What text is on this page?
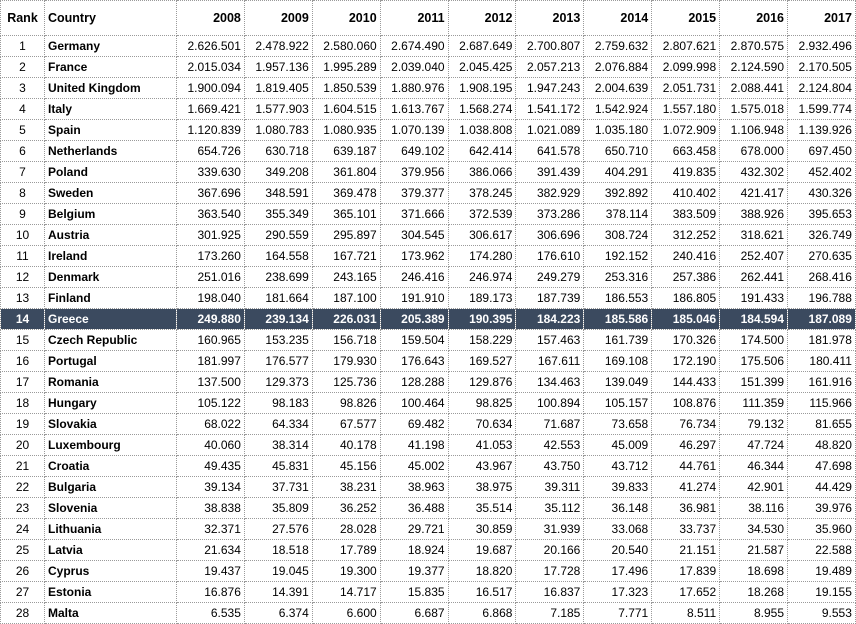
Rank	Country	2008	2009	2010	2011	2012	2013	2014	2015	2016	2017
1	Germany	2.626.501	2.478.922	2.580.060	2.674.490	2.687.649	2.700.807	2.759.632	2.807.621	2.870.575	2.932.496
2	France	2.015.034	1.957.136	1.995.289	2.039.040	2.045.425	2.057.213	2.076.884	2.099.998	2.124.590	2.170.505
3	United Kingdom	1.900.094	1.819.405	1.850.539	1.880.976	1.908.195	1.947.243	2.004.639	2.051.731	2.088.441	2.124.804
4	Italy	1.669.421	1.577.903	1.604.515	1.613.767	1.568.274	1.541.172	1.542.924	1.557.180	1.575.018	1.599.774
5	Spain	1.120.839	1.080.783	1.080.935	1.070.139	1.038.808	1.021.089	1.035.180	1.072.909	1.106.948	1.139.926
6	Netherlands	654.726	630.718	639.187	649.102	642.414	641.578	650.710	663.458	678.000	697.450
7	Poland	339.630	349.208	361.804	379.956	386.066	391.439	404.291	419.835	432.302	452.402
8	Sweden	367.696	348.591	369.478	379.377	378.245	382.929	392.892	410.402	421.417	430.326
9	Belgium	363.540	355.349	365.101	371.666	372.539	373.286	378.114	383.509	388.926	395.653
10	Austria	301.925	290.559	295.897	304.545	306.617	306.696	308.724	312.252	318.621	326.749
11	Ireland	173.260	164.558	167.721	173.962	174.280	176.610	192.152	240.416	252.407	270.635
12	Denmark	251.016	238.699	243.165	246.416	246.974	249.279	253.316	257.386	262.441	268.416
13	Finland	198.040	181.664	187.100	191.910	189.173	187.739	186.553	186.805	191.433	196.788
14	Greece	249.880	239.134	226.031	205.389	190.395	184.223	185.586	185.046	184.594	187.089
15	Czech Republic	160.965	153.235	156.718	159.504	158.229	157.463	161.739	170.326	174.500	181.978
16	Portugal	181.997	176.577	179.930	176.643	169.527	167.611	169.108	172.190	175.506	180.411
17	Romania	137.500	129.373	125.736	128.288	129.876	134.463	139.049	144.433	151.399	161.916
18	Hungary	105.122	98.183	98.826	100.464	98.825	100.894	105.157	108.876	111.359	115.966
19	Slovakia	68.022	64.334	67.577	69.482	70.634	71.687	73.658	76.734	79.132	81.655
20	Luxembourg	40.060	38.314	40.178	41.198	41.053	42.553	45.009	46.297	47.724	48.820
21	Croatia	49.435	45.831	45.156	45.002	43.967	43.750	43.712	44.761	46.344	47.698
22	Bulgaria	39.134	37.731	38.231	38.963	38.975	39.311	39.833	41.274	42.901	44.429
23	Slovenia	38.838	35.809	36.252	36.488	35.514	35.112	36.148	36.981	38.116	39.976
24	Lithuania	32.371	27.576	28.028	29.721	30.859	31.939	33.068	33.737	34.530	35.960
25	Latvia	21.634	18.518	17.789	18.924	19.687	20.166	20.540	21.151	21.587	22.588
26	Cyprus	19.437	19.045	19.300	19.377	18.820	17.728	17.496	17.839	18.698	19.489
27	Estonia	16.876	14.391	14.717	15.835	16.517	16.837	17.323	17.652	18.268	19.155
28	Malta	6.535	6.374	6.600	6.687	6.868	7.185	7.771	8.511	8.955	9.553
